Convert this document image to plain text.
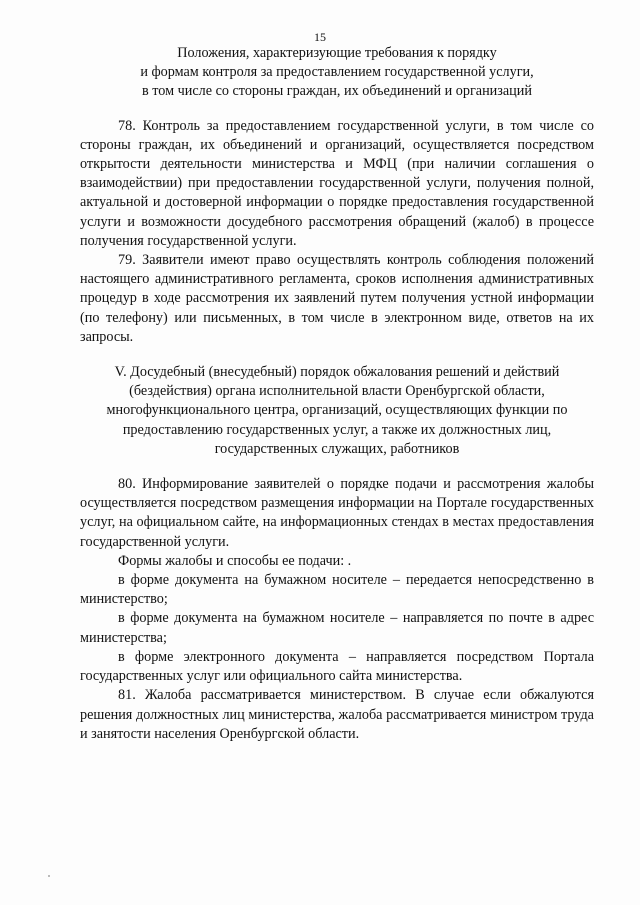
15

Положения, характеризующие требования к порядку
и формам контроля за предоставлением государственной услуги,
в том числе со стороны граждан, их объединений и организаций

78. Контроль за предоставлением государственной услуги, в том числе со стороны граждан, их объединений и организаций, осуществляется посредством открытости деятельности министерства и МФЦ (при наличии соглашения о взаимодействии) при предоставлении государственной услуги, получения полной, актуальной и достоверной информации о порядке предоставления государственной услуги и возможности досудебного рассмотрения обращений (жалоб) в процессе получения государственной услуги.

79. Заявители имеют право осуществлять контроль соблюдения положений настоящего административного регламента, сроков исполнения административных процедур в ходе рассмотрения их заявлений путем получения устной информации (по телефону) или письменных, в том числе в электронном виде, ответов на их запросы.

V. Досудебный (внесудебный) порядок обжалования решений и действий
(бездействия) органа исполнительной власти Оренбургской области,
многофункционального центра, организаций, осуществляющих функции по
предоставлению государственных услуг, а также их должностных лиц,
государственных служащих, работников

80. Информирование заявителей о порядке подачи и рассмотрения жалобы осуществляется посредством размещения информации на Портале государственных услуг, на официальном сайте, на информационных стендах в местах предоставления государственной услуги.

Формы жалобы и способы ее подачи: .

в форме документа на бумажном носителе – передается непосредственно в министерство;

в форме документа на бумажном носителе – направляется по почте в адрес министерства;

в форме электронного документа – направляется посредством Портала государственных услуг или официального сайта министерства.

81. Жалоба рассматривается министерством. В случае если обжалуются решения должностных лиц министерства, жалоба рассматривается министром труда и занятости населения Оренбургской области.
